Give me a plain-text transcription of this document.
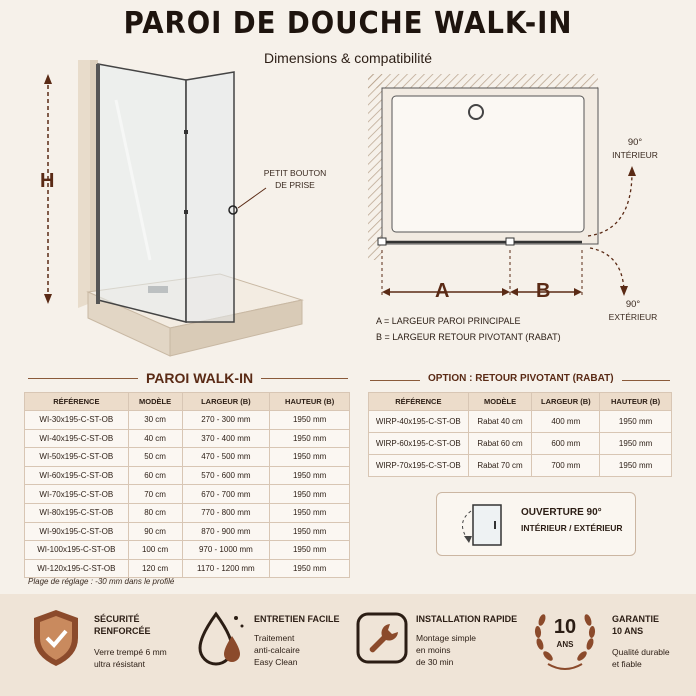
PAROI DE DOUCHE WALK-IN
Dimensions & compatibilité
H	PETIT BOUTON
DE PRISE
A	B
90°
INTÉRIEUR
90°
EXTÉRIEUR
A = LARGEUR PAROI PRINCIPALE
B = LARGEUR RETOUR PIVOTANT (RABAT)
PAROI WALK-IN
RÉFÉRENCE	MODÈLE	LARGEUR (B)	HAUTEUR (B)
WI-30x195-C-ST-OB	30 cm	270 - 300 mm	1950 mm
WI-40x195-C-ST-OB	40 cm	370 - 400 mm	1950 mm
WI-50x195-C-ST-OB	50 cm	470 - 500 mm	1950 mm
WI-60x195-C-ST-OB	60 cm	570 - 600 mm	1950 mm
WI-70x195-C-ST-OB	70 cm	670 - 700 mm	1950 mm
WI-80x195-C-ST-OB	80 cm	770 - 800 mm	1950 mm
WI-90x195-C-ST-OB	90 cm	870 - 900 mm	1950 mm
WI-100x195-C-ST-OB	100 cm	970 - 1000 mm	1950 mm
WI-120x195-C-ST-OB	120 cm	1170 - 1200 mm	1950 mm
Plage de réglage : -30 mm dans le profilé
OPTION : RETOUR PIVOTANT (RABAT)
RÉFÉRENCE	MODÈLE	LARGEUR (B)	HAUTEUR (B)
WIRP-40x195-C-ST-OB	Rabat 40 cm	400 mm	1950 mm
WIRP-60x195-C-ST-OB	Rabat 60 cm	600 mm	1950 mm
WIRP-70x195-C-ST-OB	Rabat 70 cm	700 mm	1950 mm
OUVERTURE 90°
INTÉRIEUR / EXTÉRIEUR
SÉCURITÉ
RENFORCÉE
Verre trempé 6 mm
ultra résistant
ENTRETIEN FACILE
Traitement
anti-calcaire
Easy Clean
INSTALLATION RAPIDE
Montage simple
en moins
de 30 min
10
ANS
GARANTIE
10 ANS
Qualité durable
et fiable
